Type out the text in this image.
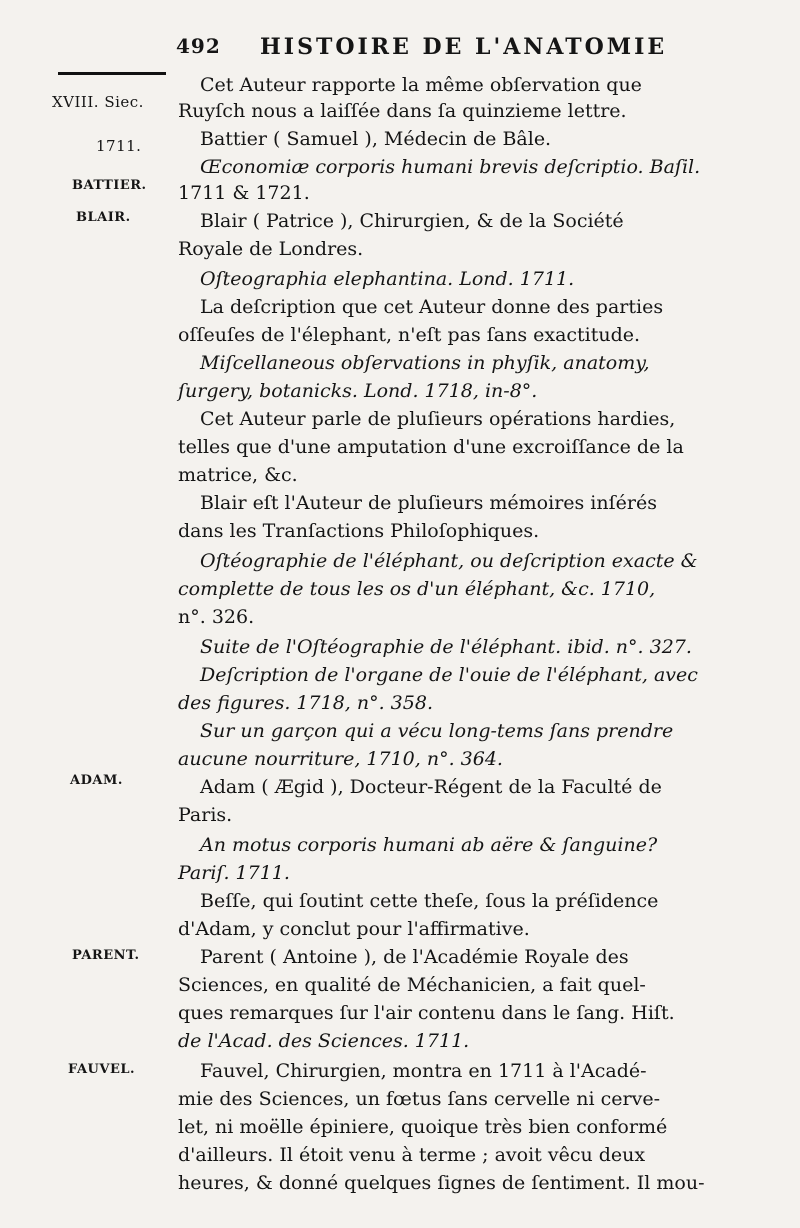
492 HISTOIRE DE L'ANATOMIE
XVIII. Siec.
1711.
BATTIER.
BLAIR.
ADAM.
PARENT.
FAUVEL.
Cet Auteur rapporte la même obſervation que
Ruyſch nous a laiſſée dans ſa quinzieme lettre.
Battier ( Samuel ), Médecin de Bâle.
Œconomiæ corporis humani brevis deſcriptio. Baſil.
1711 & 1721.
Blair ( Patrice ), Chirurgien, & de la Société
Royale de Londres.
Oſteographia elephantina. Lond. 1711.
La deſcription que cet Auteur donne des parties
oſſeuſes de l'élephant, n'eſt pas ſans exactitude.
Miſcellaneous obſervations in phyſik, anatomy,
ſurgery, botanicks. Lond. 1718, in-8°.
Cet Auteur parle de pluſieurs opérations hardies,
telles que d'une amputation d'une excroiſſance de la
matrice, &c.
Blair eſt l'Auteur de pluſieurs mémoires inſérés
dans les Tranſactions Philoſophiques.
Oſtéographie de l'éléphant, ou deſcription exacte &
complette de tous les os d'un éléphant, &c. 1710,
n°. 326.
Suite de l'Oſtéographie de l'éléphant. ibid. n°. 327.
Deſcription de l'organe de l'ouie de l'éléphant, avec
des figures. 1718, n°. 358.
Sur un garçon qui a vécu long-tems ſans prendre
aucune nourriture, 1710, n°. 364.
Adam ( Ægid ), Docteur-Régent de la Faculté de
Paris.
An motus corporis humani ab aëre & ſanguine?
Pariſ. 1711.
Beſſe, qui ſoutint cette theſe, ſous la préſidence
d'Adam, y conclut pour l'affirmative.
Parent ( Antoine ), de l'Académie Royale des
Sciences, en qualité de Méchanicien, a fait quel-
ques remarques ſur l'air contenu dans le ſang. Hiſt.
de l'Acad. des Sciences. 1711.
Fauvel, Chirurgien, montra en 1711 à l'Acadé-
mie des Sciences, un fœtus ſans cervelle ni cerve-
let, ni moëlle épiniere, quoique très bien conformé
d'ailleurs. Il étoit venu à terme ; avoit vêcu deux
heures, & donné quelques ſignes de ſentiment. Il mou-
